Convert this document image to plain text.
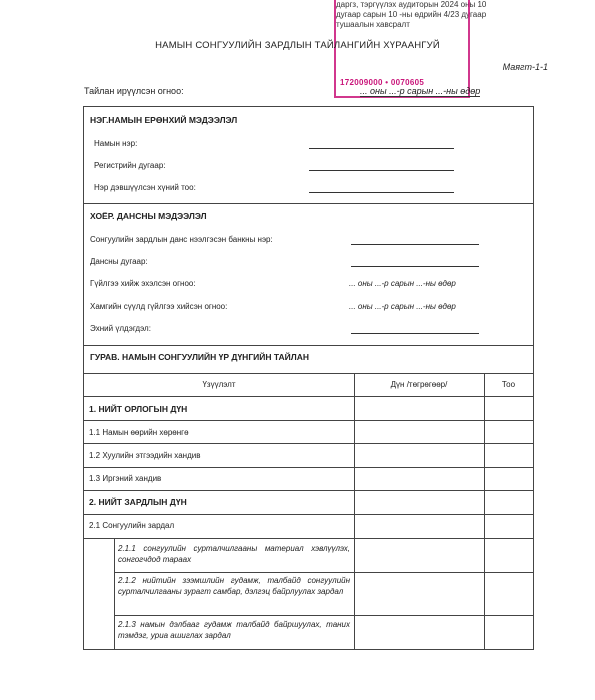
даргз, тэргүүлэх аудиторын 2024 оны 10
дугаар сарын 10 -ны өдрийн 4/23 дугаар
тушаалын хавсралт
172009000 • 0070605
НАМЫН СОНГУУЛИЙН ЗАРДЛЫН ТАЙЛАНГИЙН ХҮРААНГУЙ
Маягт-1-1
Тайлан ирүүлсэн огноо:	... оны ...-р сарын ...-ны өдөр
НЭГ.НАМЫН ЕРӨНХИЙ МЭДЭЭЛЭЛ
Намын нэр:
Регистрийн дугаар:
Нэр дэвшүүлсэн хүний тоо:
ХОЁР. ДАНСНЫ МЭДЭЭЛЭЛ
Сонгуулийн зардлын данс нээлгэсэн банкны нэр:
Дансны дугаар:
Гүйлгээ хийж эхэлсэн огноо:	... оны ...-р сарын ...-ны өдөр
Хамгийн сүүлд гүйлгээ хийсэн огноо:	... оны ...-р сарын ...-ны өдөр
Эхний үлдэгдэл:
ГУРАВ. НАМЫН СОНГУУЛИЙН ҮР ДҮНГИЙН ТАЙЛАН
Үзүүлэлт	Дүн /төгрөгөөр/	Тоо
1. НИЙТ ОРЛОГЫН ДҮН
1.1 Намын өөрийн хөрөнгө
1.2 Хуулийн этгээдийн хандив
1.3 Иргэний хандив
2. НИЙТ ЗАРДЛЫН ДҮН
2.1 Сонгуулийн зардал
2.1.1 сонгуулийн сурталчилгааны материал хэвлүүлэх, сонгогчдод тараах
2.1.2 нийтийн зээмшлийн гудамж, талбайд сонгуулийн сурталчилгааны зурагт самбар, дэлгэц байрлуулах зардал
2.1.3 намын дэлбааг гудамж талбайд байршуулах, таних тэмдэг, уриа ашиглах зардал
